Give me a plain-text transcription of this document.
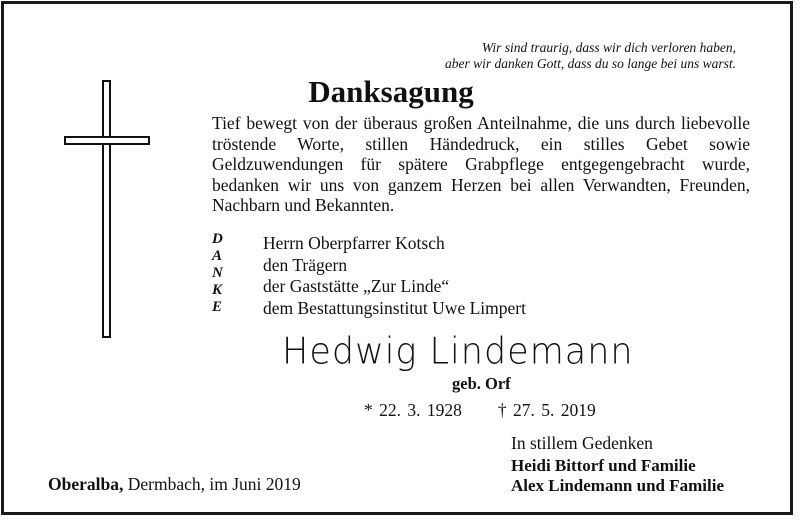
Wir sind traurig, dass wir dich verloren haben,
aber wir danken Gott, dass du so lange bei uns warst.
Danksagung
Tief bewegt von der überaus großen Anteilnahme, die uns durch liebevolle tröstende Worte, stillen Händedruck, ein stilles Gebet sowie Geldzuwendungen für spätere Grabpflege entgegengebracht wurde, bedanken wir uns von ganzem Herzen bei allen Verwandten, Freunden, Nachbarn und Bekannten.
D
A
N
K
E
Herrn Oberpfarrer Kotsch
den Trägern
der Gaststätte „Zur Linde“
dem Bestattungsinstitut Uwe Limpert
Hedwig Lindemann
geb. Orf
* 22. 3. 1928 † 27. 5. 2019
In stillem Gedenken
Heidi Bittorf und Familie
Alex Lindemann und Familie
Oberalba, Dermbach, im Juni 2019
